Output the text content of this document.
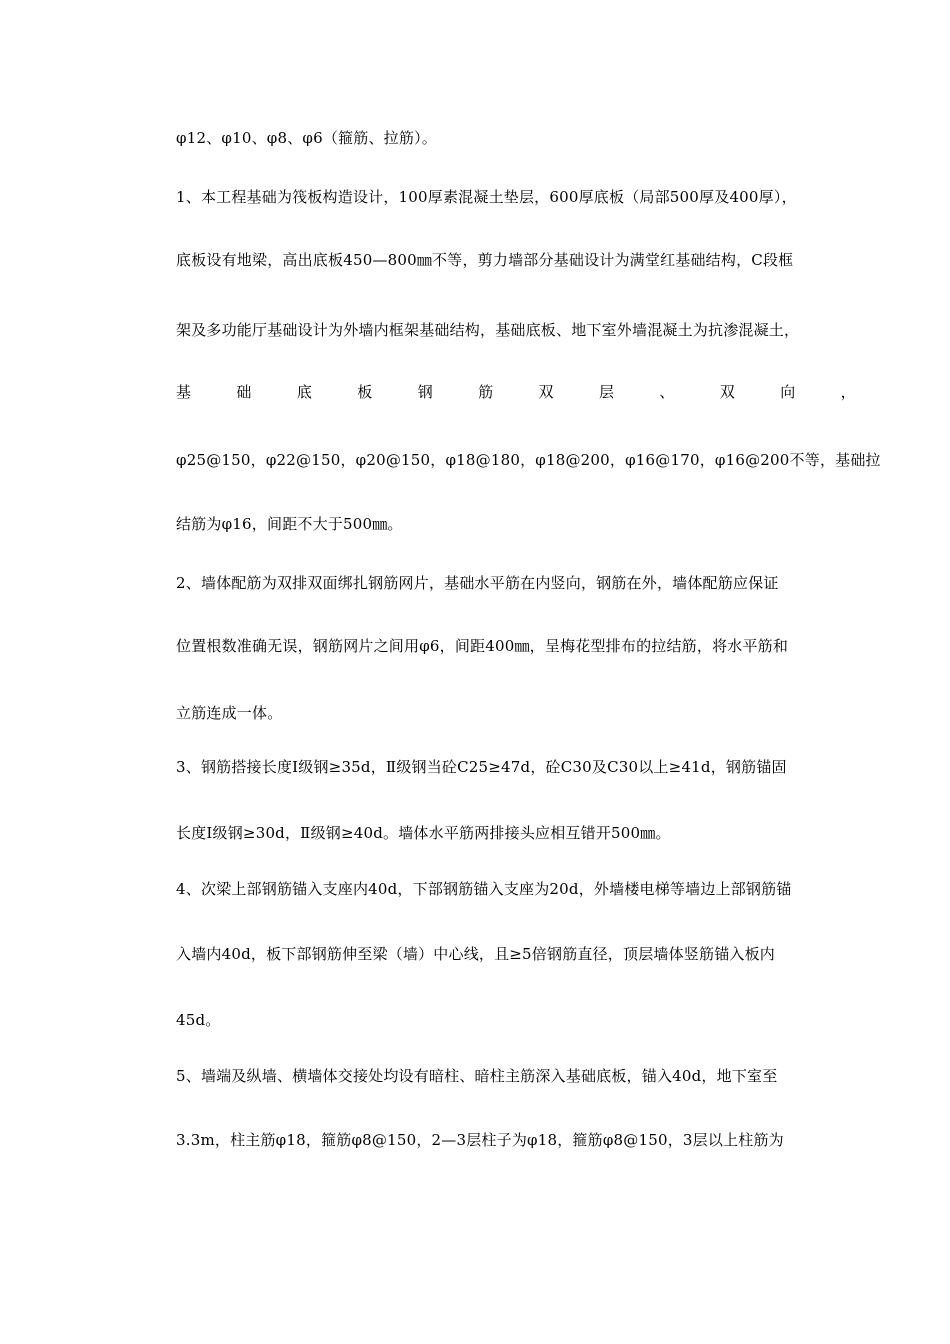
φ12、φ10、φ8、φ6（箍筋、拉筋）。
1、本工程基础为筏板构造设计，100厚素混凝土垫层，600厚底板（局部500厚及400厚），
底板设有地梁，高出底板450—800㎜不等，剪力墙部分基础设计为满堂红基础结构，C段框
架及多功能厅基础设计为外墙内框架基础结构，基础底板、地下室外墙混凝土为抗渗混凝土，
基	础	底	板	钢	筋	双	层	、	双	向	，
φ25@150，φ22@150，φ20@150，φ18@180，φ18@200，φ16@170，φ16@200不等，基础拉
结筋为φ16，间距不大于500㎜。
2、墙体配筋为双排双面绑扎钢筋网片，基础水平筋在内竖向，钢筋在外，墙体配筋应保证
位置根数准确无误，钢筋网片之间用φ6，间距400㎜，呈梅花型排布的拉结筋，将水平筋和
立筋连成一体。
3、钢筋搭接长度Ⅰ级钢≥35d，Ⅱ级钢当砼C25≥47d，砼C30及C30以上≥41d，钢筋锚固
长度Ⅰ级钢≥30d，Ⅱ级钢≥40d。墙体水平筋两排接头应相互错开500㎜。
4、次梁上部钢筋锚入支座内40d，下部钢筋锚入支座为20d，外墙楼电梯等墙边上部钢筋锚
入墙内40d，板下部钢筋伸至梁（墙）中心线，且≥5倍钢筋直径，顶层墙体竖筋锚入板内
45d。
5、墙端及纵墙、横墙体交接处均设有暗柱、暗柱主筋深入基础底板，锚入40d，地下室至
3.3m，柱主筋φ18，箍筋φ8@150，2—3层柱子为φ18，箍筋φ8@150，3层以上柱筋为
